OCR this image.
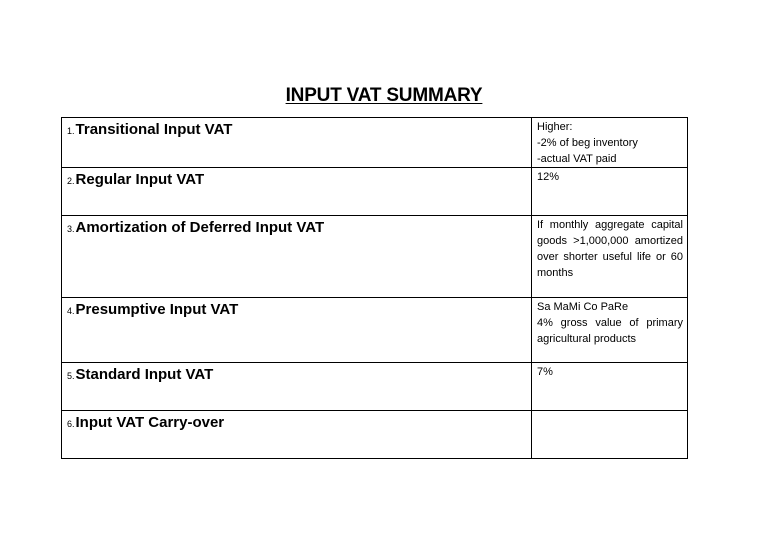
INPUT VAT SUMMARY
1.Transitional Input VAT	Higher:
-2% of beg inventory
-actual VAT paid

2.Regular Input VAT	12%

3.Amortization of Deferred Input VAT	If monthly aggregate capital goods >1,000,000 amortized over shorter useful life or 60 months

4.Presumptive Input VAT	Sa MaMi Co PaRe
4% gross value of primary agricultural products

5.Standard Input VAT	7%

6.Input VAT Carry-over	
